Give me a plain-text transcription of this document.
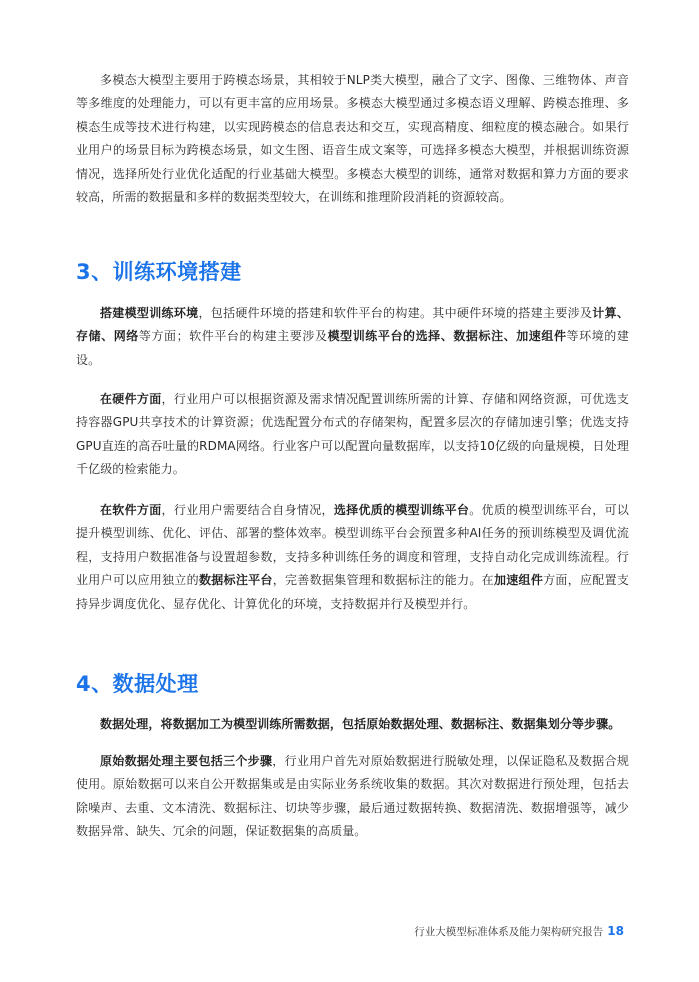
多模态大模型主要用于跨模态场景，其相较于NLP类大模型，融合了文字、图像、三维物体、声音等多维度的处理能力，可以有更丰富的应用场景。多模态大模型通过多模态语义理解、跨模态推理、多模态生成等技术进行构建，以实现跨模态的信息表达和交互，实现高精度、细粒度的模态融合。如果行业用户的场景目标为跨模态场景，如文生图、语音生成文案等，可选择多模态大模型，并根据训练资源情况，选择所处行业优化适配的行业基础大模型。多模态大模型的训练，通常对数据和算力方面的要求较高，所需的数据量和多样的数据类型较大，在训练和推理阶段消耗的资源较高。

3、训练环境搭建

搭建模型训练环境，包括硬件环境的搭建和软件平台的构建。其中硬件环境的搭建主要涉及计算、存储、网络等方面；软件平台的构建主要涉及模型训练平台的选择、数据标注、加速组件等环境的建设。

在硬件方面，行业用户可以根据资源及需求情况配置训练所需的计算、存储和网络资源，可优选支持容器GPU共享技术的计算资源；优选配置分布式的存储架构，配置多层次的存储加速引擎；优选支持GPU直连的高吞吐量的RDMA网络。行业客户可以配置向量数据库，以支持10亿级的向量规模，日处理千亿级的检索能力。

在软件方面，行业用户需要结合自身情况，选择优质的模型训练平台。优质的模型训练平台，可以提升模型训练、优化、评估、部署的整体效率。模型训练平台会预置多种AI任务的预训练模型及调优流程，支持用户数据准备与设置超参数，支持多种训练任务的调度和管理，支持自动化完成训练流程。行业用户可以应用独立的数据标注平台，完善数据集管理和数据标注的能力。在加速组件方面，应配置支持异步调度优化、显存优化、计算优化的环境，支持数据并行及模型并行。

4、数据处理

数据处理，将数据加工为模型训练所需数据，包括原始数据处理、数据标注、数据集划分等步骤。

原始数据处理主要包括三个步骤，行业用户首先对原始数据进行脱敏处理，以保证隐私及数据合规使用。原始数据可以来自公开数据集或是由实际业务系统收集的数据。其次对数据进行预处理，包括去除噪声、去重、文本清洗、数据标注、切块等步骤，最后通过数据转换、数据清洗、数据增强等，减少数据异常、缺失、冗余的问题，保证数据集的高质量。

行业大模型标准体系及能力架构研究报告 18
